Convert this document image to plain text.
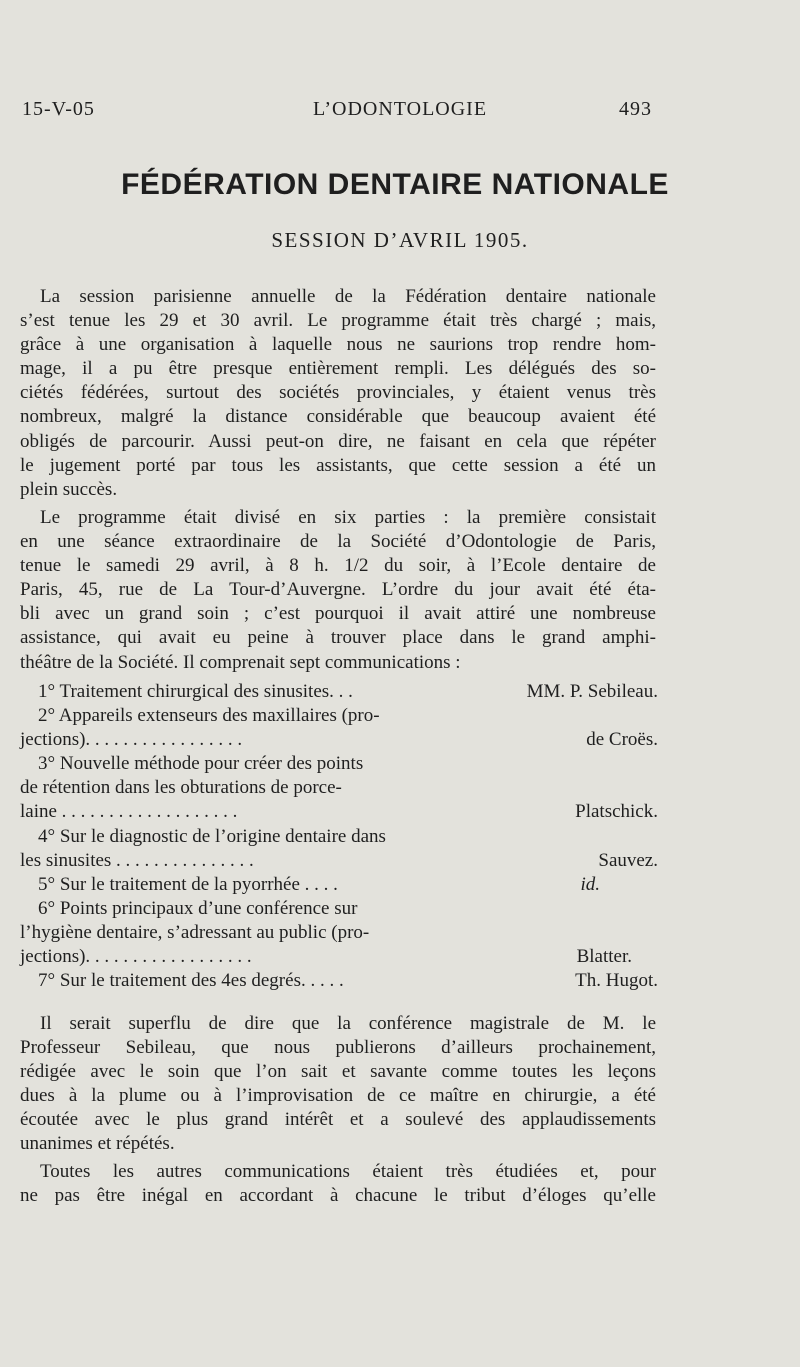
15-V-05	L’ODONTOLOGIE	493
FÉDÉRATION DENTAIRE NATIONALE
SESSION D’AVRIL 1905.
La session parisienne annuelle de la Fédération dentaire nationale
s’est tenue les 29 et 30 avril. Le programme était très chargé ; mais,
grâce à une organisation à laquelle nous ne saurions trop rendre hom-
mage, il a pu être presque entièrement rempli. Les délégués des so-
ciétés fédérées, surtout des sociétés provinciales, y étaient venus très
nombreux, malgré la distance considérable que beaucoup avaient été
obligés de parcourir. Aussi peut-on dire, ne faisant en cela que répéter
le jugement porté par tous les assistants, que cette session a été un
plein succès.
Le programme était divisé en six parties : la première consistait
en une séance extraordinaire de la Société d’Odontologie de Paris,
tenue le samedi 29 avril, à 8 h. 1/2 du soir, à l’Ecole dentaire de
Paris, 45, rue de La Tour-d’Auvergne. L’ordre du jour avait été éta-
bli avec un grand soin ; c’est pourquoi il avait attiré une nombreuse
assistance, qui avait eu peine à trouver place dans le grand amphi-
théâtre de la Société. Il comprenait sept communications :
1° Traitement chirurgical des sinusites. . .	MM. P. Sebileau.
2° Appareils extenseurs des maxillaires (pro-
jections). . . . . . . . . . . . . . . . .	de Croës.
3° Nouvelle méthode pour créer des points
de rétention dans les obturations de porce-
laine . . . . . . . . . . . . . . . . . . .	Platschick.
4° Sur le diagnostic de l’origine dentaire dans
les sinusites . . . . . . . . . . . . . . .	Sauvez.
5° Sur le traitement de la pyorrhée . . . .	id.
6° Points principaux d’une conférence sur
l’hygiène dentaire, s’adressant au public (pro-
jections). . . . . . . . . . . . . . . . . .	Blatter.
7° Sur le traitement des 4es degrés. . . . .	Th. Hugot.
Il serait superflu de dire que la conférence magistrale de M. le
Professeur Sebileau, que nous publierons d’ailleurs prochainement,
rédigée avec le soin que l’on sait et savante comme toutes les leçons
dues à la plume ou à l’improvisation de ce maître en chirurgie, a été
écoutée avec le plus grand intérêt et a soulevé des applaudissements
unanimes et répétés.
Toutes les autres communications étaient très étudiées et, pour
ne pas être inégal en accordant à chacune le tribut d’éloges qu’elle
